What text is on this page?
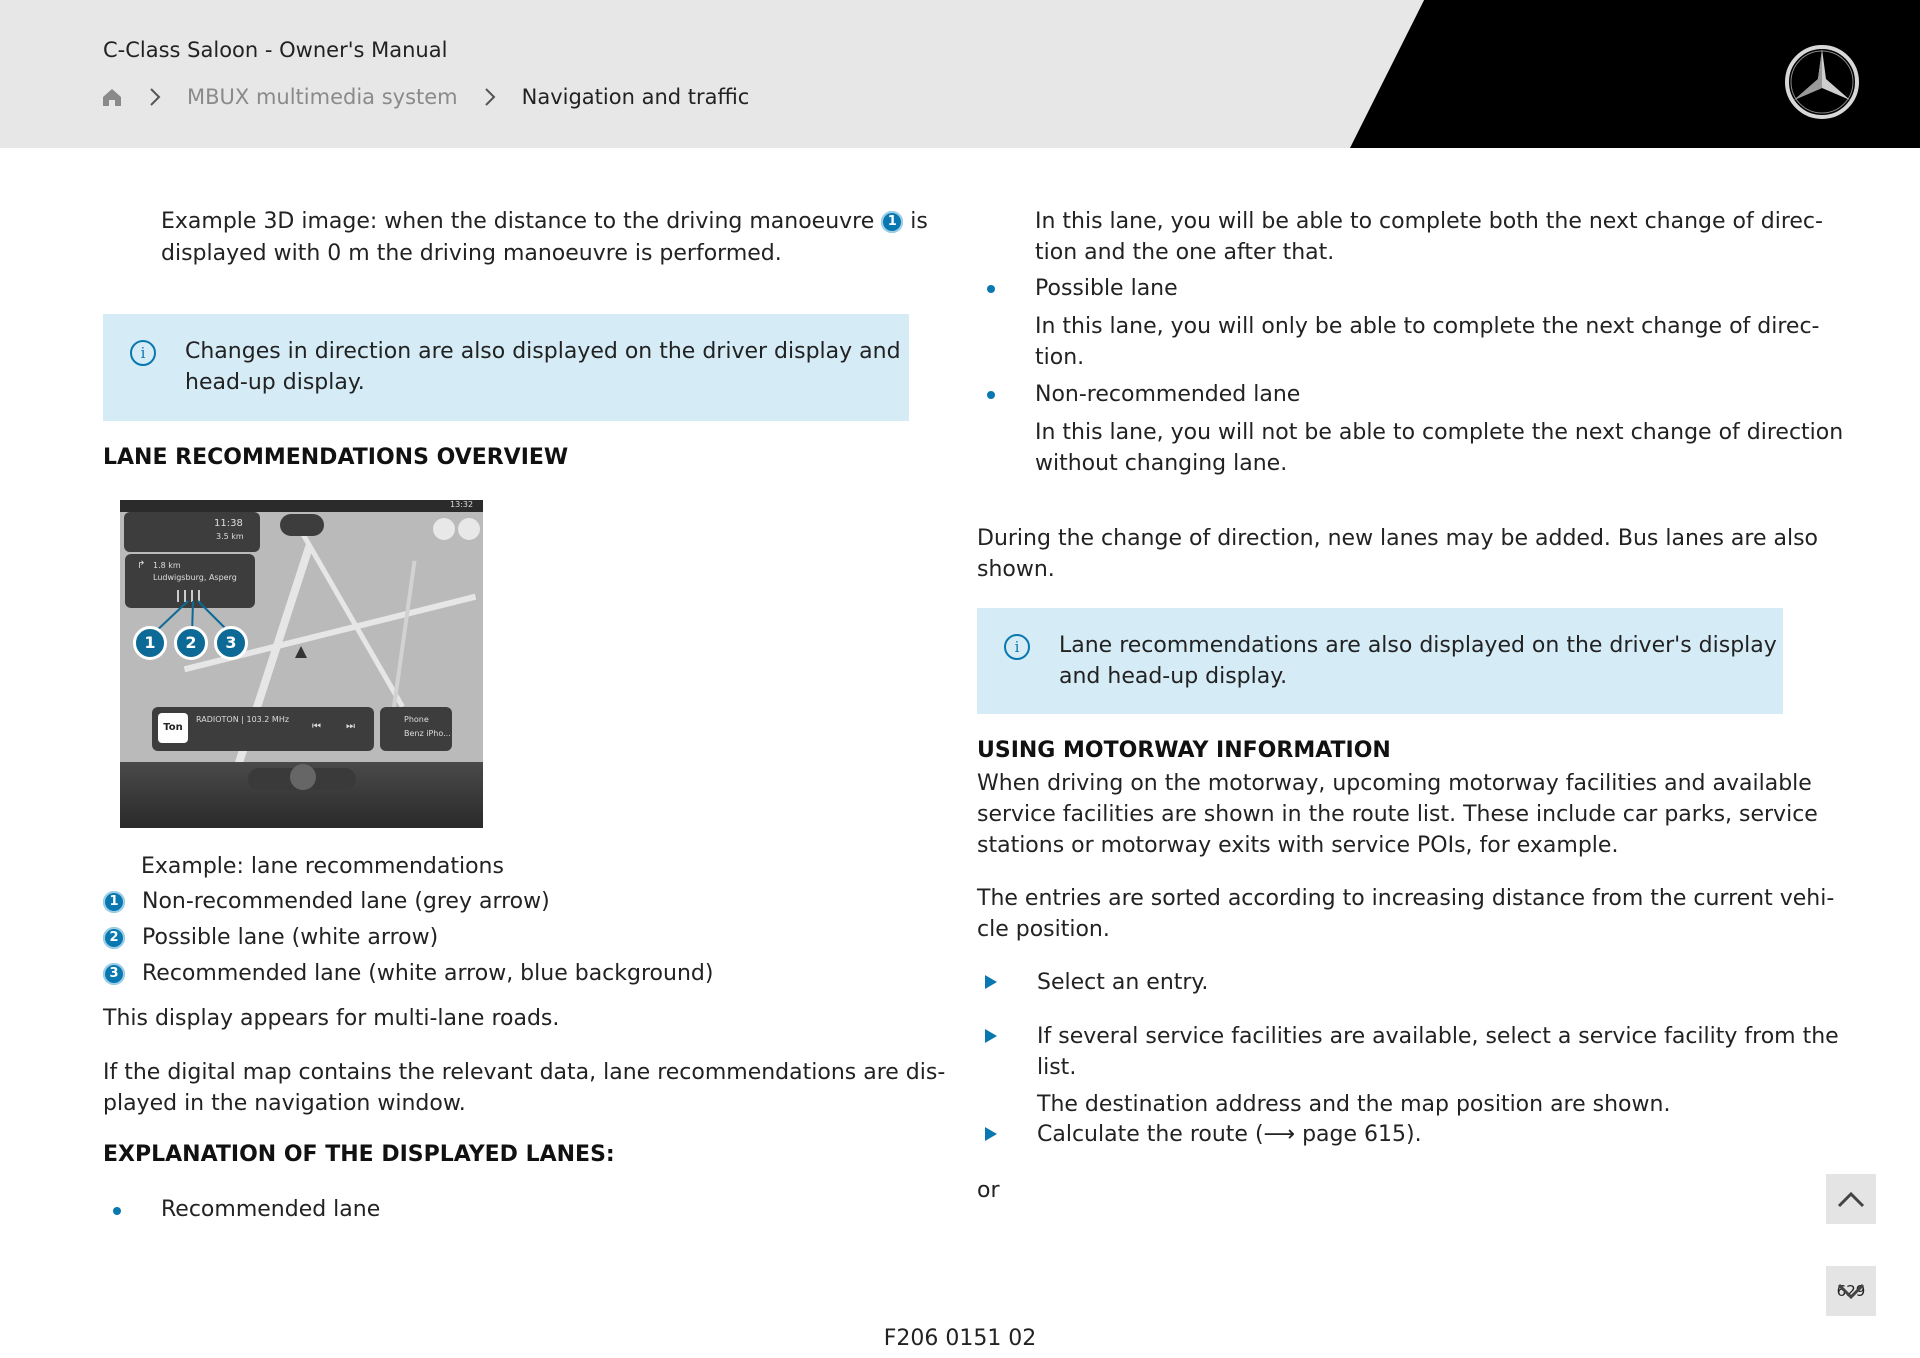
C-Class Saloon - Owner's Manual
MBUX multimedia system	Navigation and traffic
Example 3D image: when the distance to the driving manoeuvre 1 is
displayed with 0 m the driving manoeuvre is performed.
i	Changes in direction are also displayed on the driver display and
head-up display.
LANE RECOMMENDATIONS OVERVIEW
11:38
3.5 km
13:32
↱ 1.8 km
Ludwigsburg, Asperg
1	2	3
Ton
RADIOTON | 103.2 MHz
⏮	⏭
Phone
Benz iPho...
Example: lane recommendations
1 Non-recommended lane (grey arrow)
2 Possible lane (white arrow)
3 Recommended lane (white arrow, blue background)
This display appears for multi-lane roads.
If the digital map contains the relevant data, lane recommendations are dis-
played in the navigation window.
EXPLANATION OF THE DISPLAYED LANES:
Recommended lane
In this lane, you will be able to complete both the next change of direc-
tion and the one after that.
Possible lane
In this lane, you will only be able to complete the next change of direc-
tion.
Non-recommended lane
In this lane, you will not be able to complete the next change of direction
without changing lane.
During the change of direction, new lanes may be added. Bus lanes are also
shown.
i	Lane recommendations are also displayed on the driver's display
and head-up display.
USING MOTORWAY INFORMATION
When driving on the motorway, upcoming motorway facilities and available
service facilities are shown in the route list. These include car parks, service
stations or motorway exits with service POIs, for example.
The entries are sorted according to increasing distance from the current vehi-
cle position.
Select an entry.
If several service facilities are available, select a service facility from the
list.
The destination address and the map position are shown.
Calculate the route (⟶ page 615).
or
629
F206 0151 02
